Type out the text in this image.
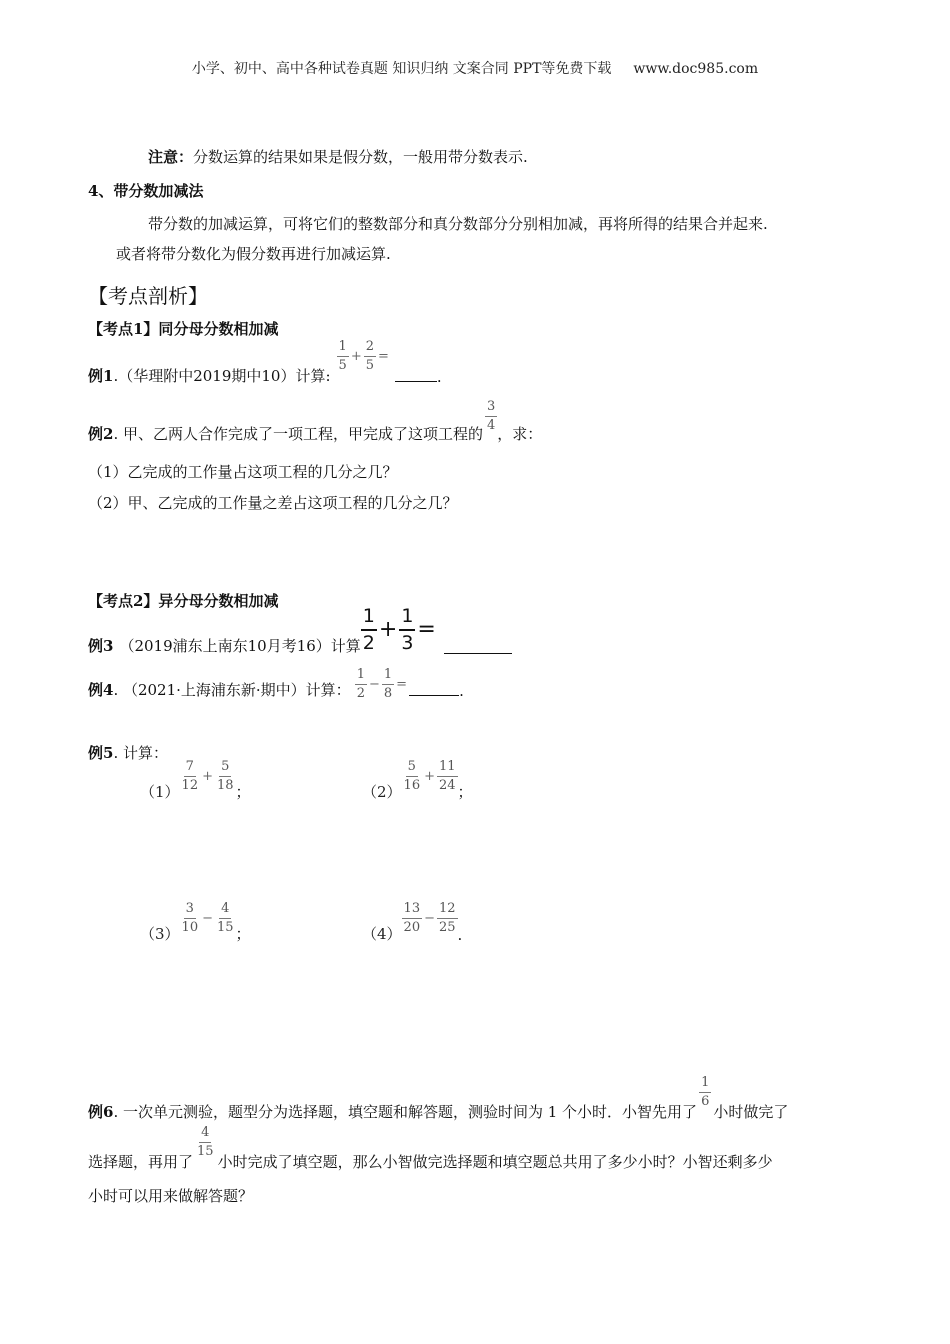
小学、初中、高中各种试卷真题 知识归纳 文案合同 PPT等免费下载 www.doc985.com
注意：分数运算的结果如果是假分数，一般用带分数表示.
4、带分数加减法
带分数的加减运算，可将它们的整数部分和真分数部分分别相加减，再将所得的结果合并起来.
或者将带分数化为假分数再进行加减运算.
【考点剖析】
【考点1】同分母分数相加减
例1.（华理附中2019期中10）计算:
$\frac{1}{5} + \frac{2}{5}$ =
.
例2. 甲、乙两人合作完成了一项工程，甲完成了这项工程的
$\frac{3}{4}$
，求：
（1）乙完成的工作量占这项工程的几分之几？
（2）甲、乙完成的工作量之差占这项工程的几分之几？
【考点2】异分母分数相加减
例3 （2019浦东上南东10月考16）计算 $\frac{1}{2} + \frac{1}{3}$ =
例4. （2021·上海浦东新·期中）计算： $\frac{1}{2} - \frac{1}{8}$ =	.
例5. 计算：
$(1) \frac{7}{12} + \frac{5}{18}$ ；	$(2) \frac{5}{16} + \frac{11}{24}$ ；
$(3) \frac{3}{10} - \frac{4}{15}$ ；	$(4) \frac{13}{20} - \frac{12}{25}$ .
例6. 一次单元测验，题型分为选择题，填空题和解答题，测验时间为 1 个小时．小智先用了
$\frac{1}{6}$
小时做完了
选择题，再用了
$\frac{4}{15}$
小时完成了填空题，那么小智做完选择题和填空题总共用了多少小时？小智还剩多少
小时可以用来做解答题？
